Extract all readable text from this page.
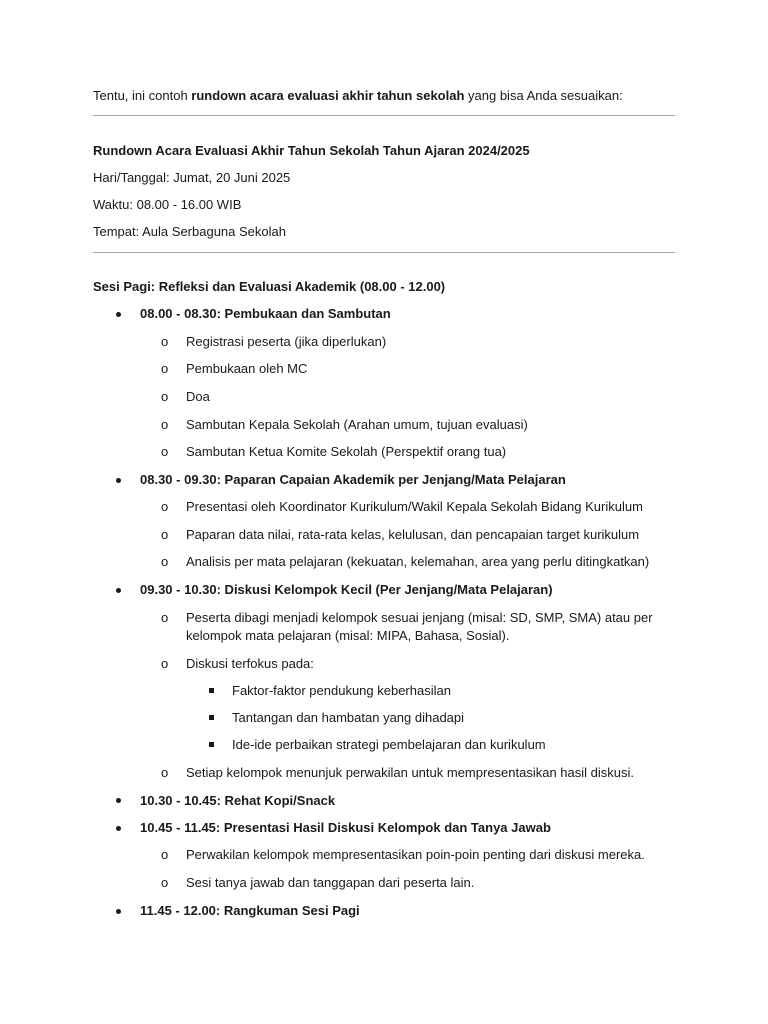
Tentu, ini contoh rundown acara evaluasi akhir tahun sekolah yang bisa Anda sesuaikan:
Rundown Acara Evaluasi Akhir Tahun Sekolah Tahun Ajaran 2024/2025
Hari/Tanggal: Jumat, 20 Juni 2025
Waktu: 08.00 - 16.00 WIB
Tempat: Aula Serbaguna Sekolah
Sesi Pagi: Refleksi dan Evaluasi Akademik (08.00 - 12.00)
08.00 - 08.30: Pembukaan dan Sambutan
o Registrasi peserta (jika diperlukan)
o Pembukaan oleh MC
o Doa
o Sambutan Kepala Sekolah (Arahan umum, tujuan evaluasi)
o Sambutan Ketua Komite Sekolah (Perspektif orang tua)
08.30 - 09.30: Paparan Capaian Akademik per Jenjang/Mata Pelajaran
o Presentasi oleh Koordinator Kurikulum/Wakil Kepala Sekolah Bidang Kurikulum
o Paparan data nilai, rata-rata kelas, kelulusan, dan pencapaian target kurikulum
o Analisis per mata pelajaran (kekuatan, kelemahan, area yang perlu ditingkatkan)
09.30 - 10.30: Diskusi Kelompok Kecil (Per Jenjang/Mata Pelajaran)
o Peserta dibagi menjadi kelompok sesuai jenjang (misal: SD, SMP, SMA) atau per
kelompok mata pelajaran (misal: MIPA, Bahasa, Sosial).
o Diskusi terfokus pada:
Faktor-faktor pendukung keberhasilan
Tantangan dan hambatan yang dihadapi
Ide-ide perbaikan strategi pembelajaran dan kurikulum
o Setiap kelompok menunjuk perwakilan untuk mempresentasikan hasil diskusi.
10.30 - 10.45: Rehat Kopi/Snack
10.45 - 11.45: Presentasi Hasil Diskusi Kelompok dan Tanya Jawab
o Perwakilan kelompok mempresentasikan poin-poin penting dari diskusi mereka.
o Sesi tanya jawab dan tanggapan dari peserta lain.
11.45 - 12.00: Rangkuman Sesi Pagi
